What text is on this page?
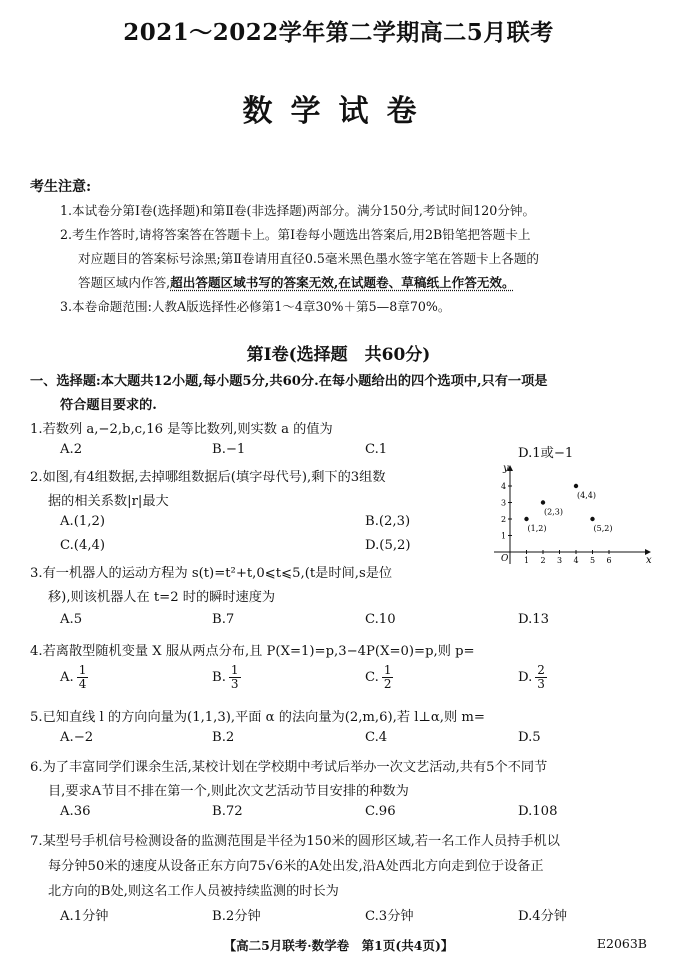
2021～2022学年第二学期高二5月联考
数学试卷
考生注意:
1.本试卷分第Ⅰ卷(选择题)和第Ⅱ卷(非选择题)两部分。满分150分,考试时间120分钟。
2.考生作答时,请将答案答在答题卡上。第Ⅰ卷每小题选出答案后,用2B铅笔把答题卡上
对应题目的答案标号涂黑;第Ⅱ卷请用直径0.5毫米黑色墨水签字笔在答题卡上各题的
答题区域内作答,超出答题区域书写的答案无效,在试题卷、草稿纸上作答无效。
3.本卷命题范围:人教A版选择性必修第1～4章30%＋第5—8章70%。
第Ⅰ卷(选择题　共60分)
一、选择题:本大题共12小题,每小题5分,共60分.在每小题给出的四个选项中,只有一项是
符合题目要求的.
1.若数列 a,−2,b,c,16 是等比数列,则实数 a 的值为
A.2	B.−1	C.1	D.1或−1
2.如图,有4组数据,去掉哪组数据后(填字母代号),剩下的3组数
据的相关系数|r|最大
A.(1,2)	B.(2,3)
C.(4,4)	D.(5,2)
x
y
O 1 2 3 4 5 6
1
2
3
4
(1,2)
(2,3)
(4,4)
(5,2)
3.有一机器人的运动方程为 s(t)=t²+t,0⩽t⩽5,(t是时间,s是位
移),则该机器人在 t=2 时的瞬时速度为
A.5	B.7	C.10	D.13
4.若离散型随机变量 X 服从两点分布,且 P(X=1)=p,3−4P(X=0)=p,则 p=
A. $\frac{1}{4}$	B. $\frac{1}{3}$	C. $\frac{1}{2}$	D. $\frac{2}{3}$
5.已知直线 l 的方向向量为(1,1,3),平面 α 的法向量为(2,m,6),若 l⊥α,则 m=
A.−2	B.2	C.4	D.5
6.为了丰富同学们课余生活,某校计划在学校期中考试后举办一次文艺活动,共有5个不同节
目,要求A节目不排在第一个,则此次文艺活动节目安排的种数为
A.36	B.72	C.96	D.108
7.某型号手机信号检测设备的监测范围是半径为150米的圆形区域,若一名工作人员持手机以
每分钟50米的速度从设备正东方向75√6米的A处出发,沿A处西北方向走到位于设备正
北方向的B处,则这名工作人员被持续监测的时长为
A.1分钟	B.2分钟	C.3分钟	D.4分钟
【高二5月联考·数学卷　第1页(共4页)】	E2063B
